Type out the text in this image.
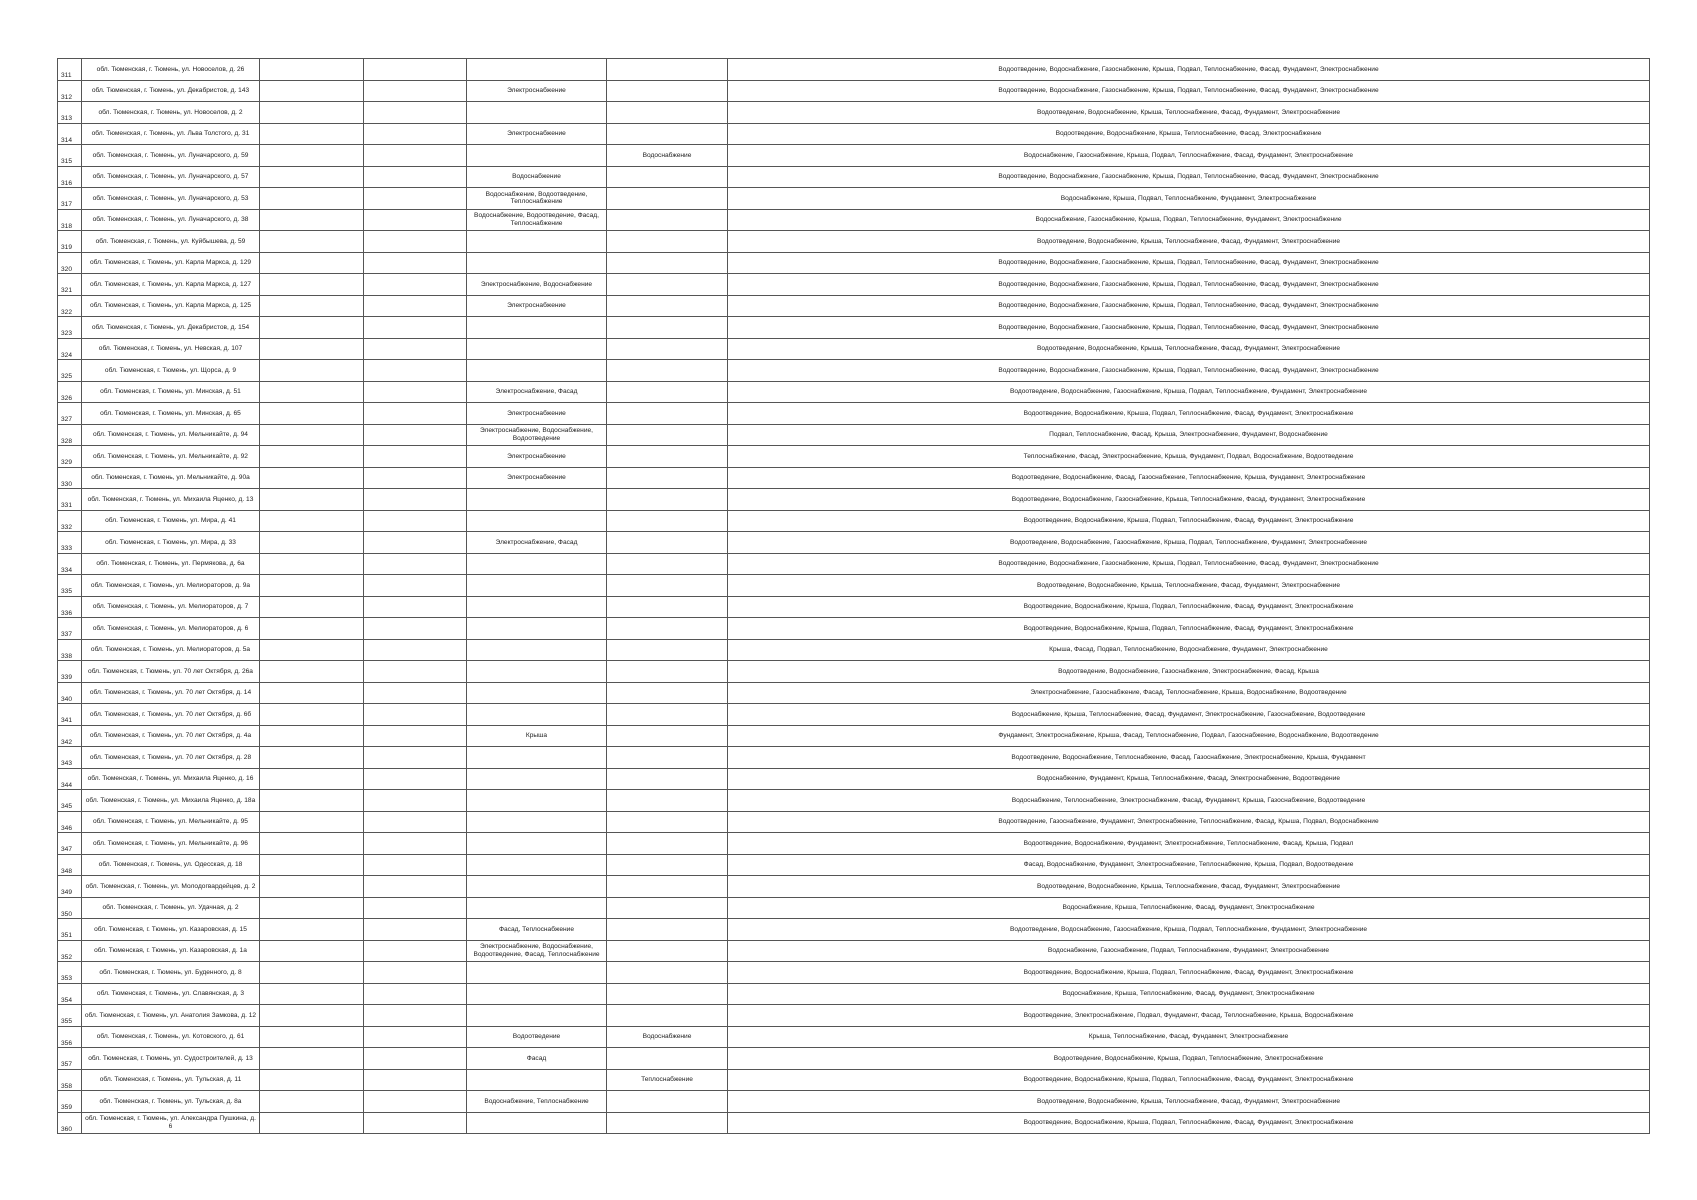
311	обл. Тюменская, г. Тюмень, ул. Новоселов, д. 26					Водоотведение, Водоснабжение, Газоснабжение, Крыша, Подвал, Теплоснабжение, Фасад, Фундамент, Электроснабжение
312	обл. Тюменская, г. Тюмень, ул. Декабристов, д. 143			Электроснабжение		Водоотведение, Водоснабжение, Газоснабжение, Крыша, Подвал, Теплоснабжение, Фасад, Фундамент, Электроснабжение
313	обл. Тюменская, г. Тюмень, ул. Новоселов, д. 2					Водоотведение, Водоснабжение, Крыша, Теплоснабжение, Фасад, Фундамент, Электроснабжение
314	обл. Тюменская, г. Тюмень, ул. Льва Толстого, д. 31			Электроснабжение		Водоотведение, Водоснабжение, Крыша, Теплоснабжение, Фасад, Электроснабжение
315	обл. Тюменская, г. Тюмень, ул. Луначарского, д. 59				Водоснабжение	Водоснабжение, Газоснабжение, Крыша, Подвал, Теплоснабжение, Фасад, Фундамент, Электроснабжение
316	обл. Тюменская, г. Тюмень, ул. Луначарского, д. 57			Водоснабжение		Водоотведение, Водоснабжение, Газоснабжение, Крыша, Подвал, Теплоснабжение, Фасад, Фундамент, Электроснабжение
317	обл. Тюменская, г. Тюмень, ул. Луначарского, д. 53			Водоснабжение, Водоотведение, Теплоснабжение		Водоснабжение, Крыша, Подвал, Теплоснабжение, Фундамент, Электроснабжение
318	обл. Тюменская, г. Тюмень, ул. Луначарского, д. 38			Водоснабжение, Водоотведение, Фасад, Теплоснабжение		Водоснабжение, Газоснабжение, Крыша, Подвал, Теплоснабжение, Фундамент, Электроснабжение
319	обл. Тюменская, г. Тюмень, ул. Куйбышева, д. 59					Водоотведение, Водоснабжение, Крыша, Теплоснабжение, Фасад, Фундамент, Электроснабжение
320	обл. Тюменская, г. Тюмень, ул. Карла Маркса, д. 129					Водоотведение, Водоснабжение, Газоснабжение, Крыша, Подвал, Теплоснабжение, Фасад, Фундамент, Электроснабжение
321	обл. Тюменская, г. Тюмень, ул. Карла Маркса, д. 127			Электроснабжение, Водоснабжение		Водоотведение, Водоснабжение, Газоснабжение, Крыша, Подвал, Теплоснабжение, Фасад, Фундамент, Электроснабжение
322	обл. Тюменская, г. Тюмень, ул. Карла Маркса, д. 125			Электроснабжение		Водоотведение, Водоснабжение, Газоснабжение, Крыша, Подвал, Теплоснабжение, Фасад, Фундамент, Электроснабжение
323	обл. Тюменская, г. Тюмень, ул. Декабристов, д. 154					Водоотведение, Водоснабжение, Газоснабжение, Крыша, Подвал, Теплоснабжение, Фасад, Фундамент, Электроснабжение
324	обл. Тюменская, г. Тюмень, ул. Невская, д. 107					Водоотведение, Водоснабжение, Крыша, Теплоснабжение, Фасад, Фундамент, Электроснабжение
325	обл. Тюменская, г. Тюмень, ул. Щорса, д. 9					Водоотведение, Водоснабжение, Газоснабжение, Крыша, Подвал, Теплоснабжение, Фасад, Фундамент, Электроснабжение
326	обл. Тюменская, г. Тюмень, ул. Минская, д. 51			Электроснабжение, Фасад		Водоотведение, Водоснабжение, Газоснабжение, Крыша, Подвал, Теплоснабжение, Фундамент, Электроснабжение
327	обл. Тюменская, г. Тюмень, ул. Минская, д. 65			Электроснабжение		Водоотведение, Водоснабжение, Крыша, Подвал, Теплоснабжение, Фасад, Фундамент, Электроснабжение
328	обл. Тюменская, г. Тюмень, ул. Мельникайте, д. 94			Электроснабжение, Водоснабжение, Водоотведение		Подвал, Теплоснабжение, Фасад, Крыша, Электроснабжение, Фундамент, Водоснабжение
329	обл. Тюменская, г. Тюмень, ул. Мельникайте, д. 92			Электроснабжение		Теплоснабжение, Фасад, Электроснабжение, Крыша, Фундамент, Подвал, Водоснабжение, Водоотведение
330	обл. Тюменская, г. Тюмень, ул. Мельникайте, д. 90а			Электроснабжение		Водоотведение, Водоснабжение, Фасад, Газоснабжение, Теплоснабжение, Крыша, Фундамент, Электроснабжение
331	обл. Тюменская, г. Тюмень, ул. Михаила Яценко, д. 13					Водоотведение, Водоснабжение, Газоснабжение, Крыша, Теплоснабжение, Фасад, Фундамент, Электроснабжение
332	обл. Тюменская, г. Тюмень, ул. Мира, д. 41					Водоотведение, Водоснабжение, Крыша, Подвал, Теплоснабжение, Фасад, Фундамент, Электроснабжение
333	обл. Тюменская, г. Тюмень, ул. Мира, д. 33			Электроснабжение, Фасад		Водоотведение, Водоснабжение, Газоснабжение, Крыша, Подвал, Теплоснабжение, Фундамент, Электроснабжение
334	обл. Тюменская, г. Тюмень, ул. Пермякова, д. 6а					Водоотведение, Водоснабжение, Газоснабжение, Крыша, Подвал, Теплоснабжение, Фасад, Фундамент, Электроснабжение
335	обл. Тюменская, г. Тюмень, ул. Мелиораторов, д. 9а					Водоотведение, Водоснабжение, Крыша, Теплоснабжение, Фасад, Фундамент, Электроснабжение
336	обл. Тюменская, г. Тюмень, ул. Мелиораторов, д. 7					Водоотведение, Водоснабжение, Крыша, Подвал, Теплоснабжение, Фасад, Фундамент, Электроснабжение
337	обл. Тюменская, г. Тюмень, ул. Мелиораторов, д. 6					Водоотведение, Водоснабжение, Крыша, Подвал, Теплоснабжение, Фасад, Фундамент, Электроснабжение
338	обл. Тюменская, г. Тюмень, ул. Мелиораторов, д. 5а					Крыша, Фасад, Подвал, Теплоснабжение, Водоснабжение, Фундамент, Электроснабжение
339	обл. Тюменская, г. Тюмень, ул. 70 лет Октября, д. 26а					Водоотведение, Водоснабжение, Газоснабжение, Электроснабжение, Фасад, Крыша
340	обл. Тюменская, г. Тюмень, ул. 70 лет Октября, д. 14					Электроснабжение, Газоснабжение, Фасад, Теплоснабжение, Крыша, Водоснабжение, Водоотведение
341	обл. Тюменская, г. Тюмень, ул. 70 лет Октября, д. 6б					Водоснабжение, Крыша, Теплоснабжение, Фасад, Фундамент, Электроснабжение, Газоснабжение, Водоотведение
342	обл. Тюменская, г. Тюмень, ул. 70 лет Октября, д. 4а			Крыша		Фундамент, Электроснабжение, Крыша, Фасад, Теплоснабжение, Подвал, Газоснабжение, Водоснабжение, Водоотведение
343	обл. Тюменская, г. Тюмень, ул. 70 лет Октября, д. 28					Водоотведение, Водоснабжение, Теплоснабжение, Фасад, Газоснабжение, Электроснабжение, Крыша, Фундамент
344	обл. Тюменская, г. Тюмень, ул. Михаила Яценко, д. 16					Водоснабжение, Фундамент, Крыша, Теплоснабжение, Фасад, Электроснабжение, Водоотведение
345	обл. Тюменская, г. Тюмень, ул. Михаила Яценко, д. 18а					Водоснабжение, Теплоснабжение, Электроснабжение, Фасад, Фундамент, Крыша, Газоснабжение, Водоотведение
346	обл. Тюменская, г. Тюмень, ул. Мельникайте, д. 95					Водоотведение, Газоснабжение, Фундамент, Электроснабжение, Теплоснабжение, Фасад, Крыша, Подвал, Водоснабжение
347	обл. Тюменская, г. Тюмень, ул. Мельникайте, д. 96					Водоотведение, Водоснабжение, Фундамент, Электроснабжение, Теплоснабжение, Фасад, Крыша, Подвал
348	обл. Тюменская, г. Тюмень, ул. Одесская, д. 18					Фасад, Водоснабжение, Фундамент, Электроснабжение, Теплоснабжение, Крыша, Подвал, Водоотведение
349	обл. Тюменская, г. Тюмень, ул. Молодогвардейцев, д. 2					Водоотведение, Водоснабжение, Крыша, Теплоснабжение, Фасад, Фундамент, Электроснабжение
350	обл. Тюменская, г. Тюмень, ул. Удачная, д. 2					Водоснабжение, Крыша, Теплоснабжение, Фасад, Фундамент, Электроснабжение
351	обл. Тюменская, г. Тюмень, ул. Казаровская, д. 15			Фасад, Теплоснабжение		Водоотведение, Водоснабжение, Газоснабжение, Крыша, Подвал, Теплоснабжение, Фундамент, Электроснабжение
352	обл. Тюменская, г. Тюмень, ул. Казаровская, д. 1а			Электроснабжение, Водоснабжение, Водоотведение, Фасад, Теплоснабжение		Водоснабжение, Газоснабжение, Подвал, Теплоснабжение, Фундамент, Электроснабжение
353	обл. Тюменская, г. Тюмень, ул. Буденного, д. 8					Водоотведение, Водоснабжение, Крыша, Подвал, Теплоснабжение, Фасад, Фундамент, Электроснабжение
354	обл. Тюменская, г. Тюмень, ул. Славянская, д. 3					Водоснабжение, Крыша, Теплоснабжение, Фасад, Фундамент, Электроснабжение
355	обл. Тюменская, г. Тюмень, ул. Анатолия Замкова, д. 12					Водоотведение, Электроснабжение, Подвал, Фундамент, Фасад, Теплоснабжение, Крыша, Водоснабжение
356	обл. Тюменская, г. Тюмень, ул. Котовского, д. 61			Водоотведение	Водоснабжение	Крыша, Теплоснабжение, Фасад, Фундамент, Электроснабжение
357	обл. Тюменская, г. Тюмень, ул. Судостроителей, д. 13			Фасад		Водоотведение, Водоснабжение, Крыша, Подвал, Теплоснабжение, Электроснабжение
358	обл. Тюменская, г. Тюмень, ул. Тульская, д. 11				Теплоснабжение	Водоотведение, Водоснабжение, Крыша, Подвал, Теплоснабжение, Фасад, Фундамент, Электроснабжение
359	обл. Тюменская, г. Тюмень, ул. Тульская, д. 8а			Водоснабжение, Теплоснабжение		Водоотведение, Водоснабжение, Крыша, Теплоснабжение, Фасад, Фундамент, Электроснабжение
360	обл. Тюменская, г. Тюмень, ул. Александра Пушкина, д. 6					Водоотведение, Водоснабжение, Крыша, Подвал, Теплоснабжение, Фасад, Фундамент, Электроснабжение
